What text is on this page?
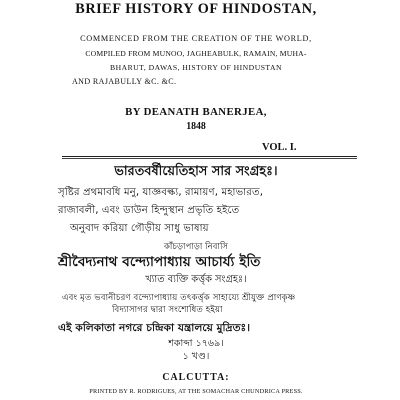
BRIEF HISTORY OF HINDOSTAN,
COMMENCED FROM THE CREATION OF THE WORLD,
COMPILED FROM MUNOO, JAGHEABULK, RAMAIN, MUHA-
BHARUT, DAWAS, HISTORY OF HINDUSTAN
AND RAJABULLY &C. &C.
BY DEANATH BANERJEA,
1848
VOL. I.
ভারতবর্ষীয়েতিহাস সার সংগ্রহঃ।
সৃষ্টির প্রথমাবধি মনু, যাজ্ঞবল্ক্য, রামায়ণ, মহাভারত,
রাজাবলী, এবং ডাউন হিন্দুস্থান প্রভৃতি হইতে
অনুবাদ করিয়া গৌড়ীয় সাধু ভাষায়
কাঁচড়াপাড়া নিবাসি
শ্রীবৈদ্যনাথ বন্দ্যোপাধ্যায় আচার্য্য ইতি
খ্যাত ব্যক্তি কর্ত্তৃক সংগ্রহঃ।
এবং মৃত ভবানীচরণ বন্দ্যোপাধ্যায় তৎকর্ত্তৃক সাহায্যে শ্রীযুক্ত প্রাণকৃষ্ণ
বিদ্যাসাগর দ্বারা সংশোধিত হইয়া
এই কলিকাতা নগরে চন্দ্রিকা যন্ত্রালয়ে মুদ্রিতঃ।
শকাব্দা ১৭৬৯।
১ খণ্ড।
CALCUTTA:
PRINTED BY R. RODRIGUES, AT THE SOMACHAR CHUNDRICA PRESS.
